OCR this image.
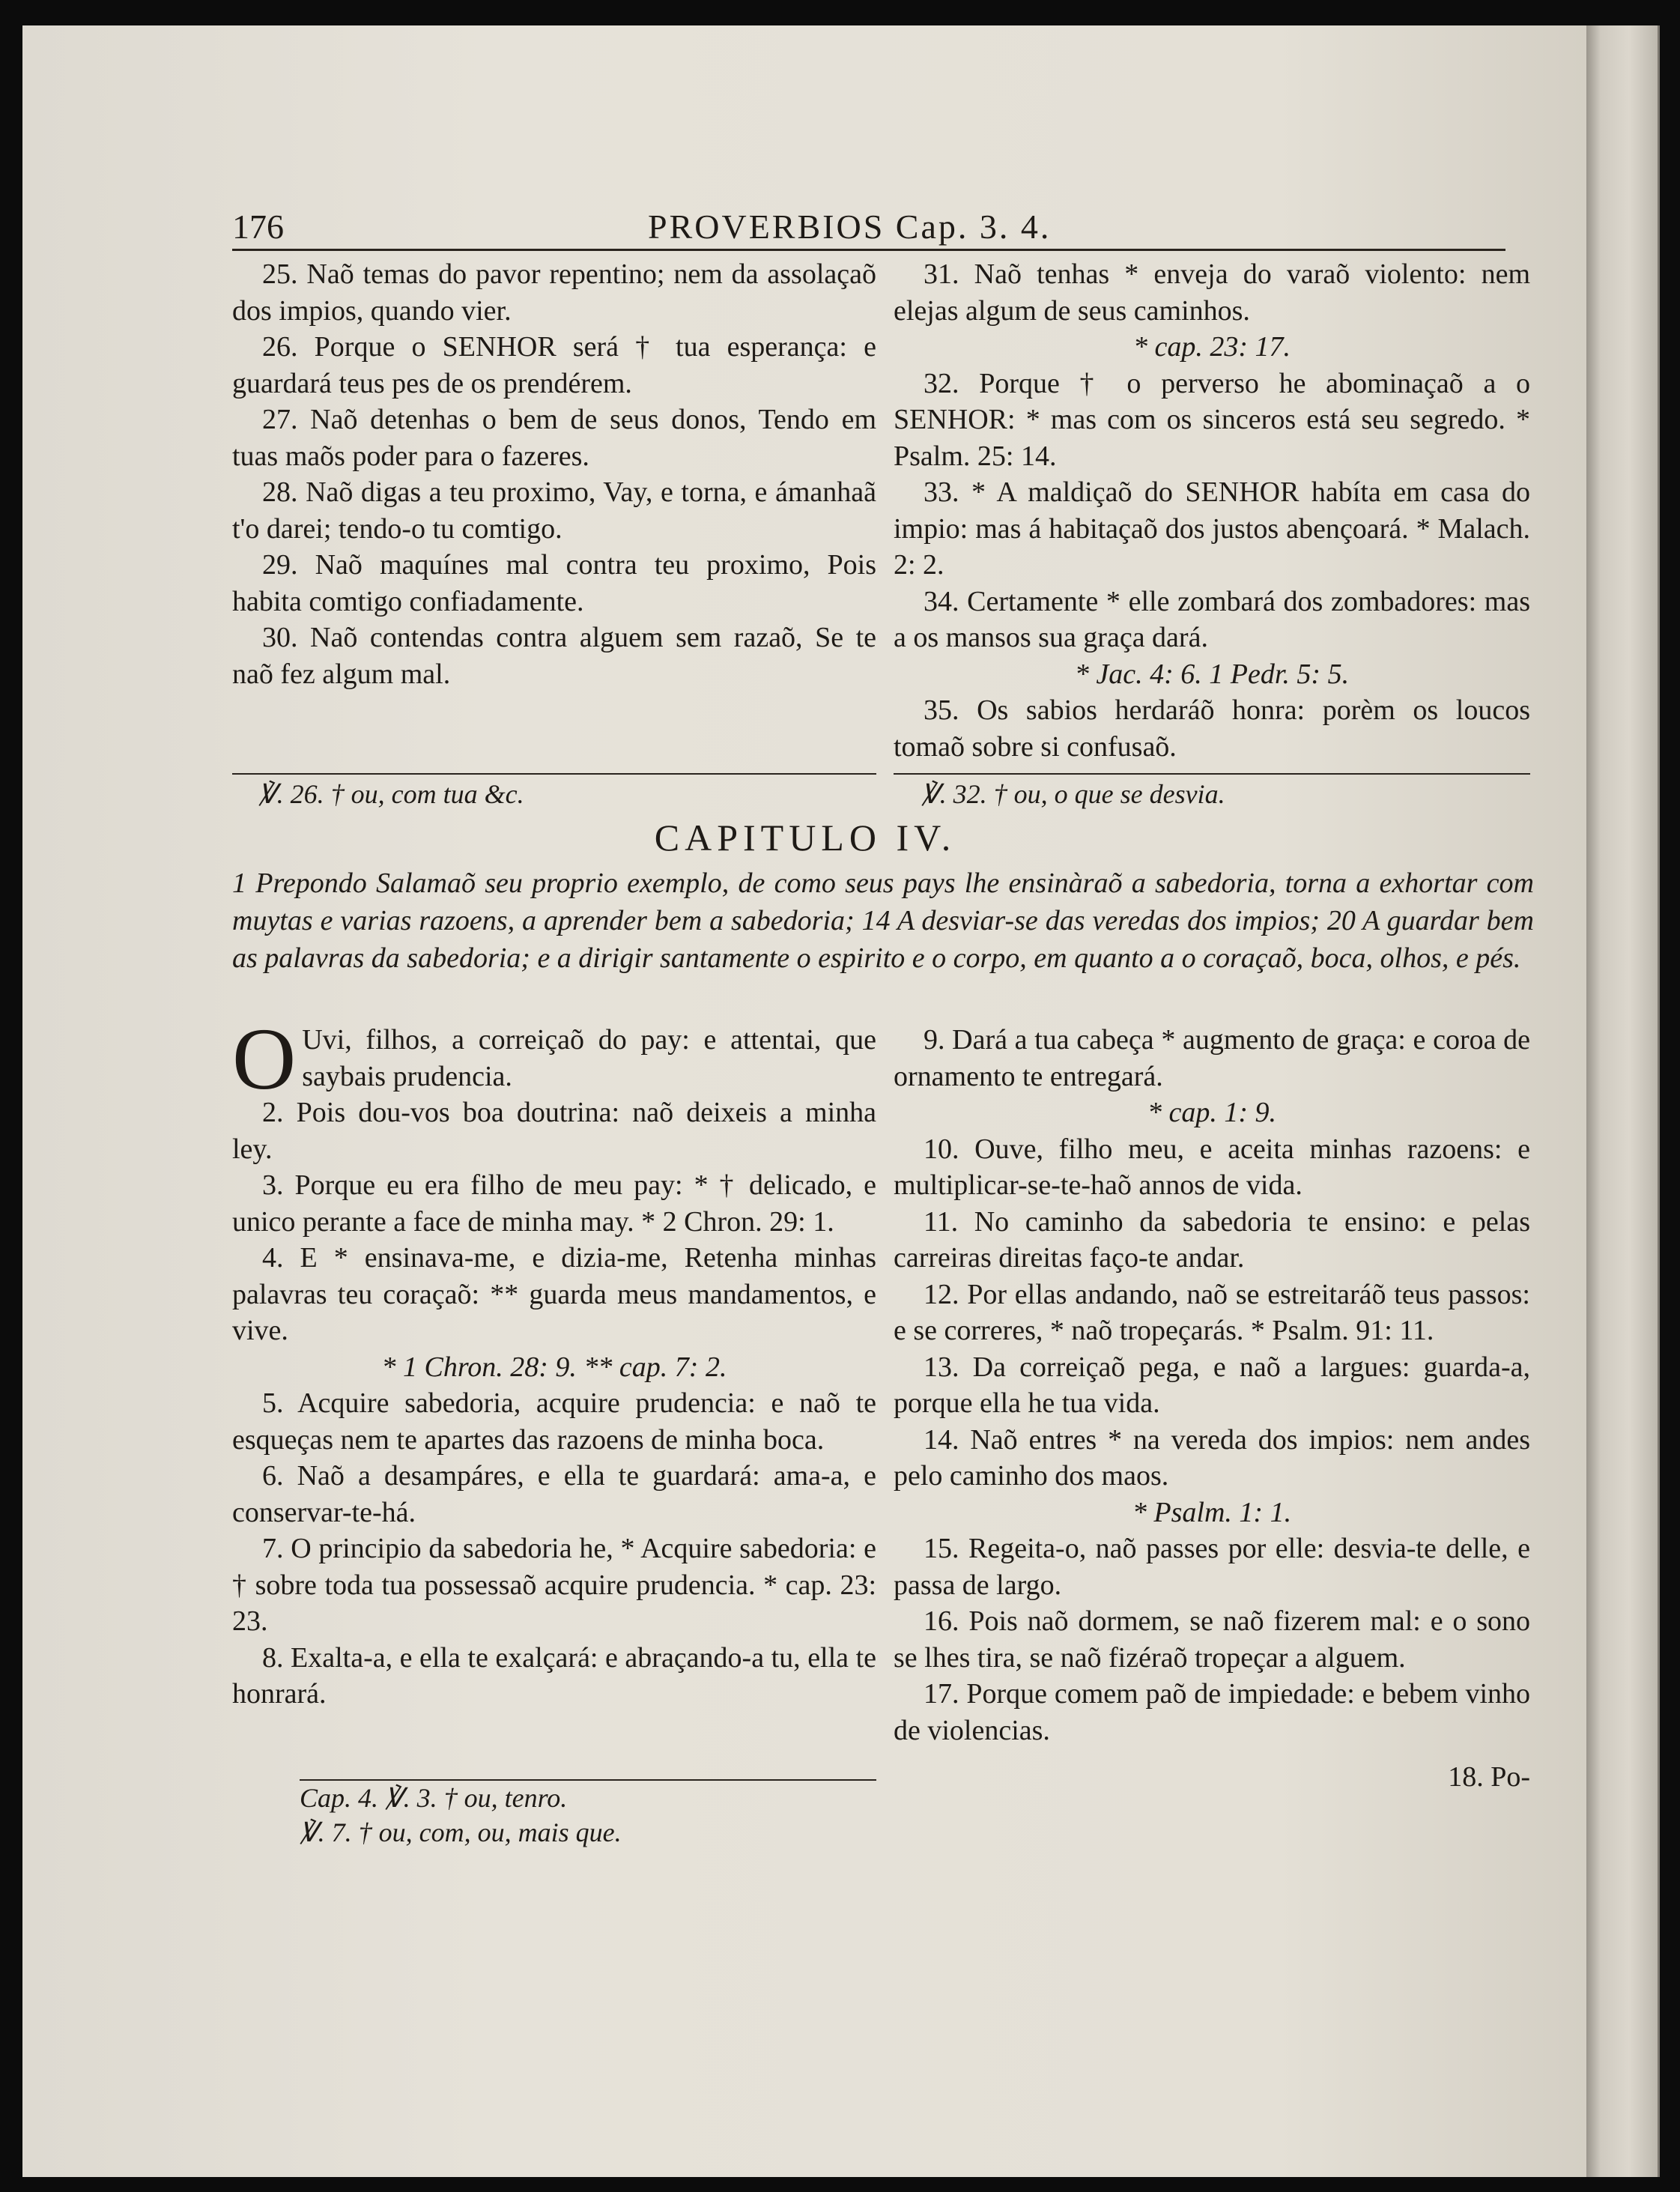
176	PROVERBIOS Cap. 3. 4.

25. Naõ temas do pavor repentino; nem da assolaçaõ dos impios, quando vier.

26. Porque o SENHOR será † tua esperança: e guardará teus pes de os prendérem.

27. Naõ detenhas o bem de seus donos, Tendo em tuas maõs poder para o fazeres.

28. Naõ digas a teu proximo, Vay, e torna, e ámanhaã t'o darei; tendo-o tu comtigo.

29. Naõ maquínes mal contra teu proximo, Pois habita comtigo confiadamente.

30. Naõ contendas contra alguem sem razaõ, Se te naõ fez algum mal.

℣. 26. † ou, com tua &c.

31. Naõ tenhas * enveja do varaõ violento: nem elejas algum de seus caminhos.

* cap. 23: 17.

32. Porque † o perverso he abominaçaõ a o SENHOR: * mas com os sinceros está seu segredo. * Psalm. 25: 14.

33. * A maldiçaõ do SENHOR habíta em casa do impio: mas á habitaçaõ dos justos abençoará. * Malach. 2: 2.

34. Certamente * elle zombará dos zombadores: mas a os mansos sua graça dará.

* Jac. 4: 6. 1 Pedr. 5: 5.

35. Os sabios herdaráõ honra: porèm os loucos tomaõ sobre si confusaõ.

℣. 32. † ou, o que se desvia.

CAPITULO IV.

1 Prepondo Salamaõ seu proprio exemplo, de como seus pays lhe ensinàraõ a sabedoria, torna a exhortar com muytas e varias razoens, a aprender bem a sabedoria; 14 A desviar-se das veredas dos impios; 20 A guardar bem as palavras da sabedoria; e a dirigir santamente o espirito e o corpo, em quanto a o coraçaõ, boca, olhos, e pés.

O Uvi, filhos, a correiçaõ do pay: e attentai, que saybais prudencia.

2. Pois dou-vos boa doutrina: naõ deixeis a minha ley.

3. Porque eu era filho de meu pay: * † delicado, e unico perante a face de minha may. * 2 Chron. 29: 1.

4. E * ensinava-me, e dizia-me, Retenha minhas palavras teu coraçaõ: ** guarda meus mandamentos, e vive.

* 1 Chron. 28: 9. ** cap. 7: 2.

5. Acquire sabedoria, acquire prudencia: e naõ te esqueças nem te apartes das razoens de minha boca.

6. Naõ a desampáres, e ella te guardará: ama-a, e conservar-te-há.

7. O principio da sabedoria he, * Acquire sabedoria: e † sobre toda tua possessaõ acquire prudencia. * cap. 23: 23.

8. Exalta-a, e ella te exalçará: e abraçando-a tu, ella te honrará.

Cap. 4. ℣. 3. † ou, tenro.

℣. 7. † ou, com, ou, mais que.

9. Dará a tua cabeça * augmento de graça: e coroa de ornamento te entregará.

* cap. 1: 9.

10. Ouve, filho meu, e aceita minhas razoens: e multiplicar-se-te-haõ annos de vida.

11. No caminho da sabedoria te ensino: e pelas carreiras direitas faço-te andar.

12. Por ellas andando, naõ se estreitaráõ teus passos: e se correres, * naõ tropeçarás. * Psalm. 91: 11.

13. Da correiçaõ pega, e naõ a largues: guarda-a, porque ella he tua vida.

14. Naõ entres * na vereda dos impios: nem andes pelo caminho dos maos.

* Psalm. 1: 1.

15. Regeita-o, naõ passes por elle: desvia-te delle, e passa de largo.

16. Pois naõ dormem, se naõ fizerem mal: e o sono se lhes tira, se naõ fizéraõ tropeçar a alguem.

17. Porque comem paõ de impiedade: e bebem vinho de violencias.

18. Po-
